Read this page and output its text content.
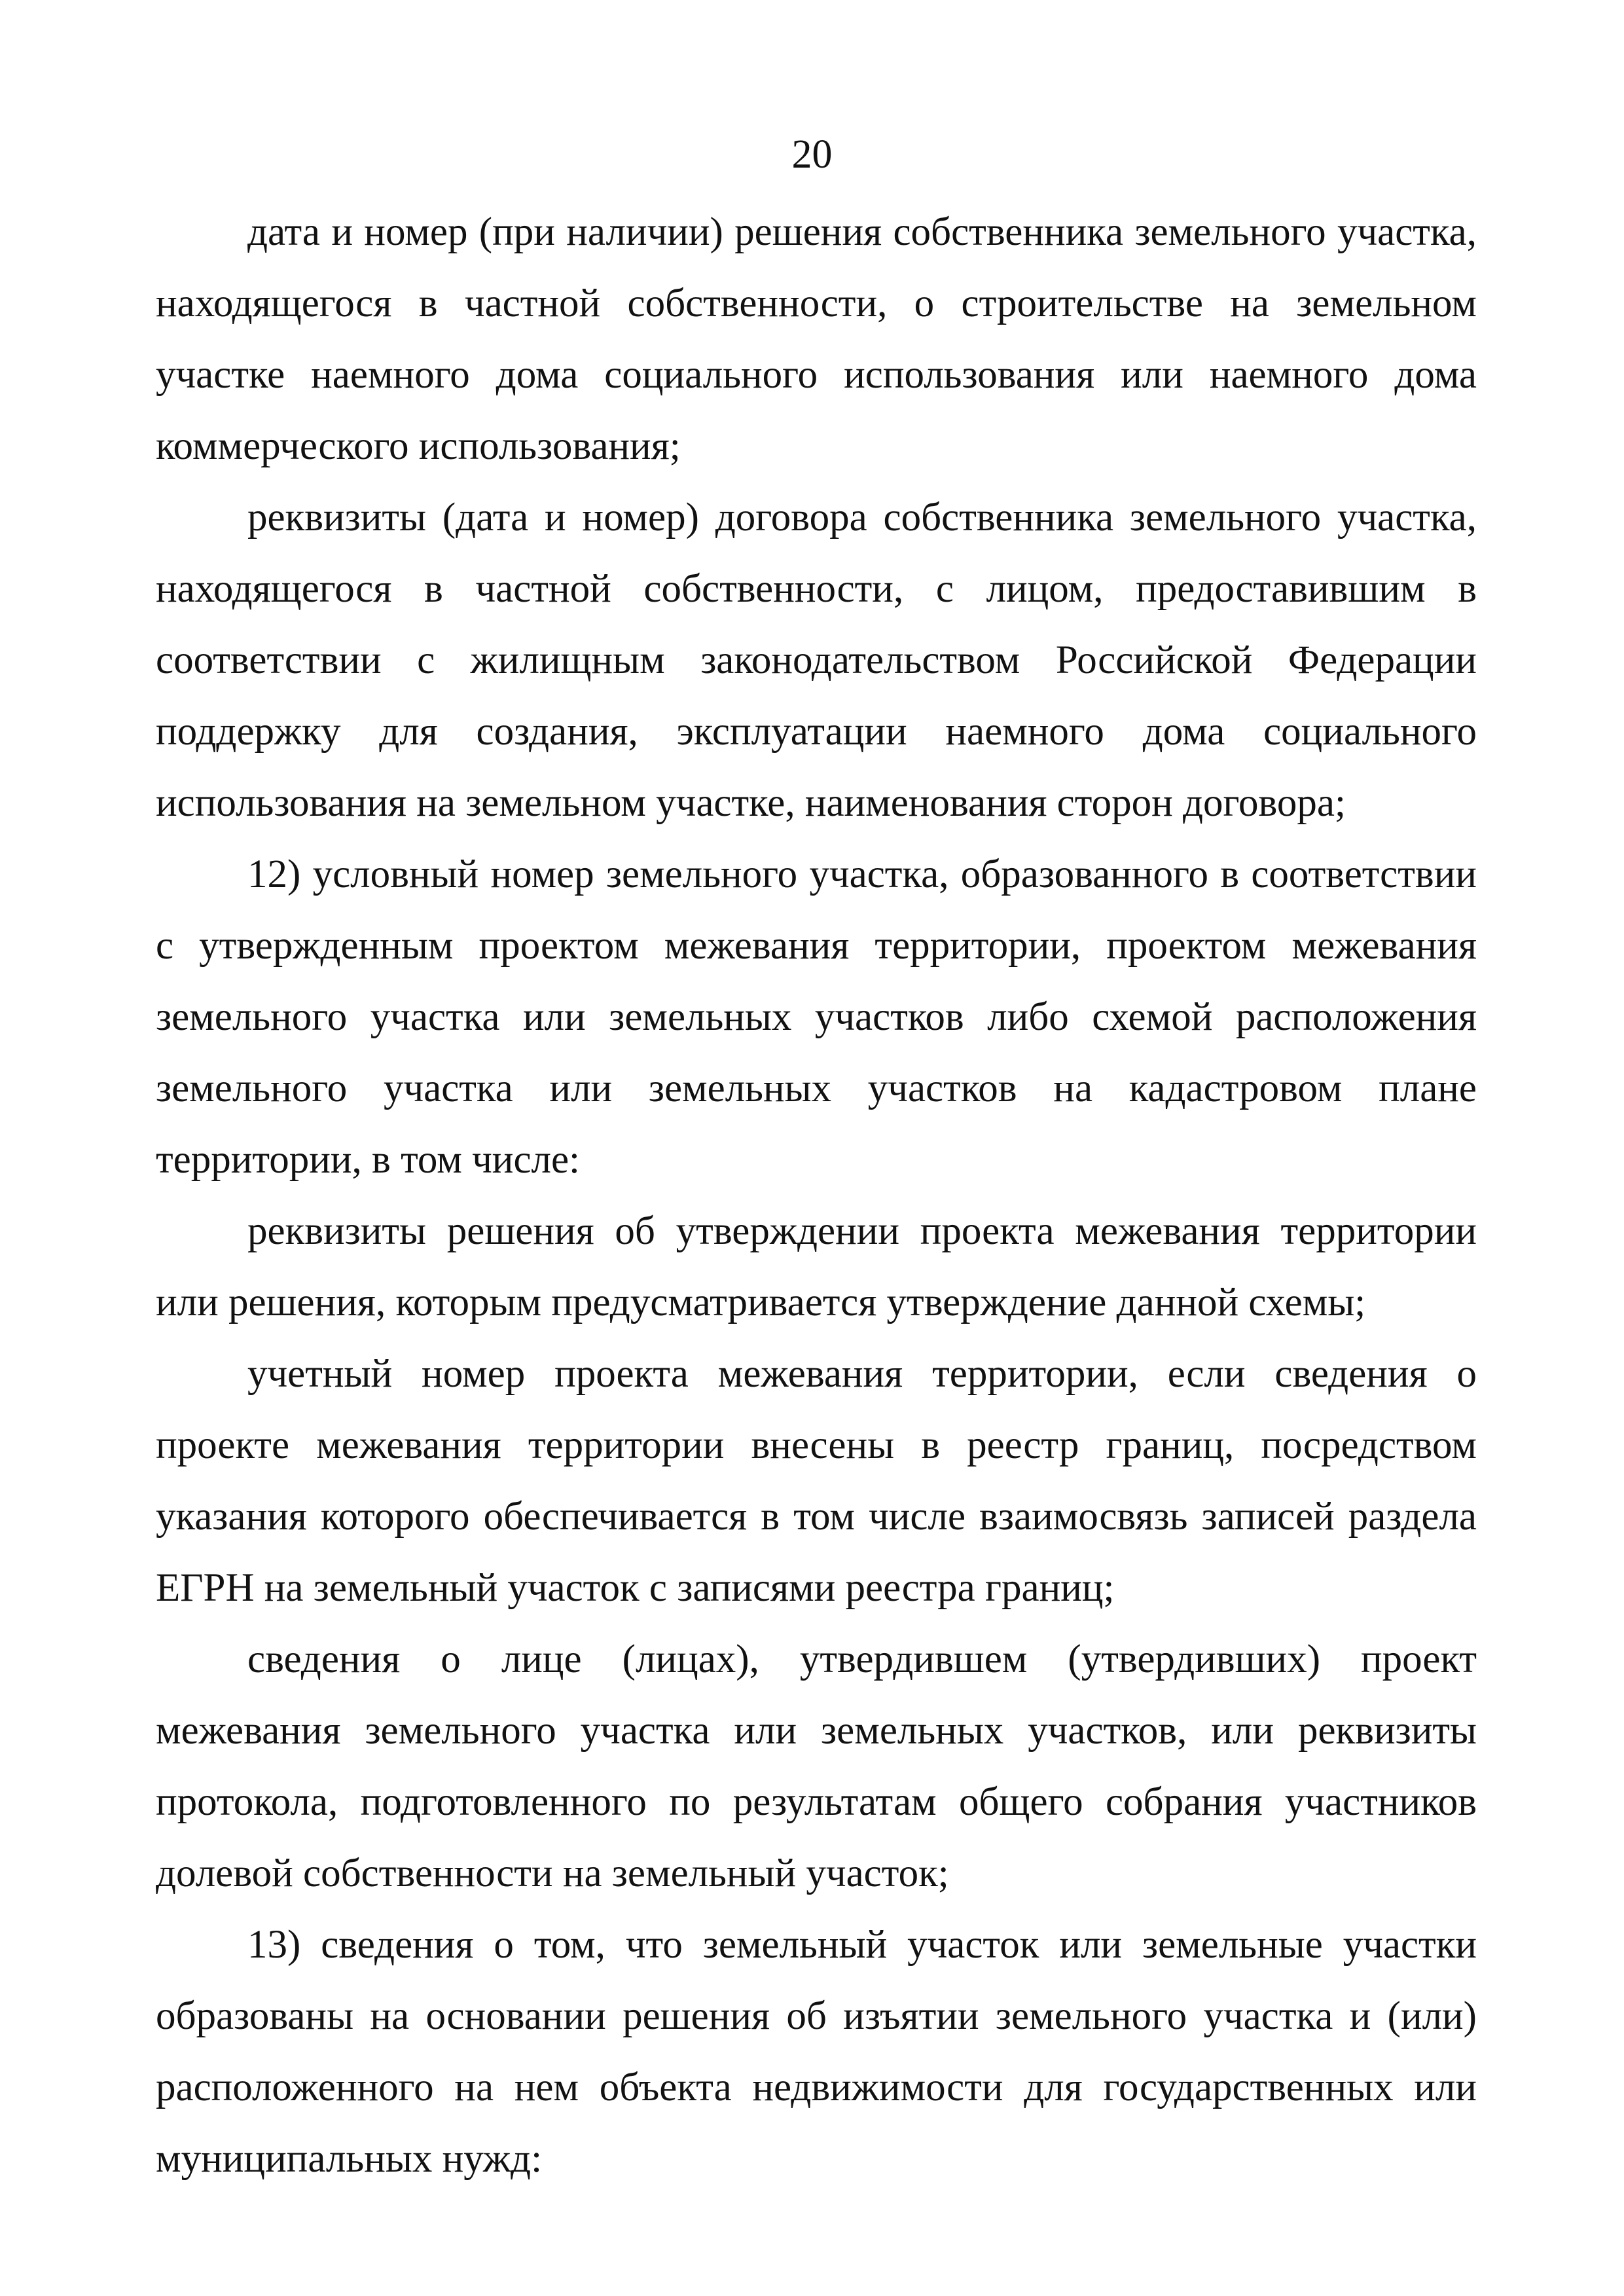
20

дата и номер (при наличии) решения собственника земельного участка, находящегося в частной собственности, о строительстве на земельном участке наемного дома социального использования или наемного дома коммерческого использования;

реквизиты (дата и номер) договора собственника земельного участка, находящегося в частной собственности, с лицом, предоставившим в соответствии с жилищным законодательством Российской Федерации поддержку для создания, эксплуатации наемного дома социального использования на земельном участке, наименования сторон договора;

12) условный номер земельного участка, образованного в соответствии с утвержденным проектом межевания территории, проектом межевания земельного участка или земельных участков либо схемой расположения земельного участка или земельных участков на кадастровом плане территории, в том числе:

реквизиты решения об утверждении проекта межевания территории или решения, которым предусматривается утверждение данной схемы;

учетный номер проекта межевания территории, если сведения о проекте межевания территории внесены в реестр границ, посредством указания которого обеспечивается в том числе взаимосвязь записей раздела ЕГРН на земельный участок с записями реестра границ;

сведения о лице (лицах), утвердившем (утвердивших) проект межевания земельного участка или земельных участков, или реквизиты протокола, подготовленного по результатам общего собрания участников долевой собственности на земельный участок;

13) сведения о том, что земельный участок или земельные участки образованы на основании решения об изъятии земельного участка и (или) расположенного на нем объекта недвижимости для государственных или муниципальных нужд:
